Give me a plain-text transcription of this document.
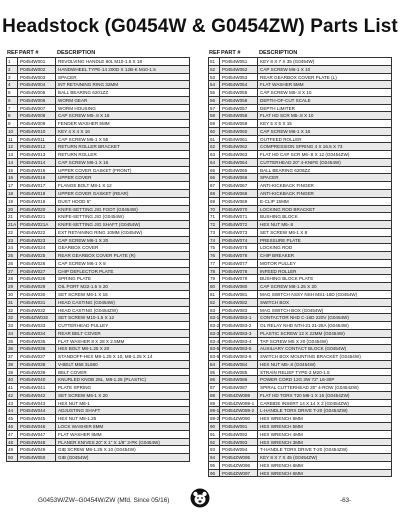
Headstock (G0454W & G0454ZW) Parts List
REF PART #	DESCRIPTION
1	P0454W001	REVOLVING HANDLE 80L M10-1.5 X 18
2	P0454W002	HANDWHEEL TYPE-14 200D X 12B-K M10-1.5
3	P0454W003	SPACER
4	P0454W004	INT RETAINING RING 32MM
5	P0454W005	BALL BEARING 6201ZZ
6	P0454W006	WORM GEAR
7	P0454W007	WORM HOUSING
8	P0454W008	CAP SCREW M5-.8 X 16
9	P0454W009	FENDER WASHER 5MM
10	P0454W010	KEY 4 X 4 X 16
11	P0454W011	CAP SCREW M6-1 X 55
12	P0454W012	RETURN ROLLER BRACKET
13	P0454W013	RETURN ROLLER
14	P0454W014	CAP SCREW M6-1 X 16
15	P0454W015	UPPER COVER GASKET (FRONT)
16	P0454W016	UPPER COVER
17	P0454W017	FLANGE BOLT M8-1 X 12
18	P0454W018	UPPER COVER GASKET (REAR)
19	P0454W019	DUST HOOD 5"
20	P0454W020	KNIFE-SETTING JIG FOOT (G0454W)
21	P0454W021	KNIFE-SETTING JIG (G0454W)
21A P0454W021A	KNIFE-SETTING JIG SHAFT (G0454W)
22	P0454W022	EXT RETAINING RING 10MM (G0454W)
23	P0454W023	CAP SCREW M6-1 X 20
24	P0454W024	GEARBOX COVER
25	P0454W025	REAR GEARBOX COVER PLATE (R)
26	P0454W026	CAP SCREW M6-1 X 8
27	P0454W027	CHIP DEFLECTOR PLATE
28	P0454W028	SPRING PLATE
29	P0454W029	OIL PORT M22-1.5 X 20
30	P0454W030	SET SCREW M6-1 X 16
31	P0454W031	HEAD CASTING (G0454W)
32	P0454W032	HEAD CASTING (G0454ZW)
32	P0454ZW032	SET SCREW M10-1.5 X 12
33	P0454W033	CUTTERHEAD PULLEY
34	P0454W034	REAR BELT COVER
35	P0454W035	FLAT WASHER 8 X 28 X 2.5MM
36	P0454W036	HEX BOLT M8-1.25 X 20
37	P0454W037	STANDOFF-HEX M8-1.25 X 10, M8-1.25 X 14
38	P0454W038	V-BELT M58 3L580
39	P0454W039	BELT COVER
40	P0454W040	KNURLED KNOB 28L, M8-1.25 (PLASTIC)
41	P0454W041	PLATE SPRING
42	P0454W042	SET SCREW M6-1 X 20
43	P0454W043	HEX NUT M6-1
44	P0454W044	ADJUSTING SHAFT
45	P0454W045	HEX NUT M8-1.25
46	P0454W046	LOCK WASHER 8MM
47	P0454W047	FLAT WASHER 8MM
48	P0454W048	PLANER KNIVES 20" X 1" X 1/8" 3-PK (G0454W)
49	P0454W049	GIB SCREW M8-1.25 X 10 (G0454W)
50	P0454W050	GIB (G0454W)
REF PART #	DESCRIPTION
51	P0454W051	KEY 8 X 7 X 35 (G0454W)
52	P0454W052	CAP SCREW M6-1 X 10
53	P0454W053	REAR GEARBOX COVER PLATE (L)
54	P0454W054	FLAT WASHER 5MM
55	P0454W055	CAP SCREW M5-.8 X 10
56	P0454W056	DEPTH-OF-CUT SCALE
57	P0454W057	DEPTH LIMITER
58	P0454W058	FLAT HD SCR M5-.8 X 10
59	P0454W059	KEY 5 X 5 X 15
60	P0454W060	CAP SCREW M6-1 X 16
61	P0454W061	OUTFEED ROLLER
62	P0454W062	COMPRESSION SPRING 4 X 16.5 X 73
63	P0454W063	FLAT HD CAP SCR M6-.8 X 12 (G0454ZW)
64	P0454W064	CUTTERHEAD 20" 4-KNIFE (G0454W)
65	P0454W065	BALL BEARING 6206ZZ
66	P0454W066	SPACER
67	P0454W067	ANTI-KICKBACK FINGER
68	P0454W068	ANTI-KICKBACK FINGER
69	P0454W069	E-CLIP 15MM
70	P0454W070	LOCKING ROD BRACKET
71	P0454W071	BUSHING BLOCK
72	P0454W072	HEX NUT M6-.8
73	P0454W073	SET SCREW M6-1 X 8
74	P0454W074	PRESSURE PLATE
75	P0454W075	LOCKING ROD
76	P0454W076	CHIP BREAKER
77	P0454W077	MOTOR PULLEY
78	P0454W078	INFEED ROLLER
79	P0454W079	BUSHING BLOCK PLATE
80	P0454W080	CAP SCREW M8-1.25 X 20
81	P0454W081	MAG SWITCH ASSY NSH MS1-18D (G0454W)
82	P0454W082	SWITCH BOX
83	P0454W083	MAG SWITCH BOX (G0454W)
83-1 P0454W083-1	CONTACTOR NHD C-16D 220V (G0454W)
83-2 P0454W083-2	OL RELAY NHD NTH-21 21-25A (G0454W)
83-3 P0454W083-3	PLASTIC SCREW 12 X 22MM (G0454W)
83-4 P0454W083-4	TAP SCREW M5 X 20 (G0454W)
83-5 P0454W083-5	AUXILIARY CONTACT BLOCK (G0454W)
83-6 P0454W083-6	SWITCH BOX MOUNTING BRACKET (G0454W)
84	P0454W084	HEX NUT M5-.8 (G0454W)
85	P0454W085	STRAIN RELIEF TYPE-3 M20-1.5
86	P0454W086	POWER CORD 12G 3W 72" L6-30P
87	P0454W087	SPIRAL CUTTERHEAD 20" 4-ROW (G0454ZW)
88	P0454ZW089	FLAT HD TORX T20 M6-1 X 15 (G0454ZW)
89	P0454ZW089-1	CARBIDE INSERT 14 X 14 X 2 (G0454ZW)
89-1 P0454ZW089-2	L-HANDLE TORX DRIVE T-20 (G0454ZW)
89-2 P0454ZW090	HEX WRENCH 8MM
90	P0454W091	HEX WRENCH 5MM
91	P0454W092	HEX WRENCH 4MM
92	P0454W093	HEX WRENCH 3MM
93	P0454W094	T-HANDLE TORX DRIVE T-20 (G0454ZW)
94	P0454ZW095	KEY 8 X 7 X 45 (G0454ZW)
95	P0454ZW096	HEX WRENCH 6MM
96	P0454ZW097	HEX WRENCH 6MM
G0453W/ZW–G0454W/ZW (Mfd. Since 05/16)	-63-
